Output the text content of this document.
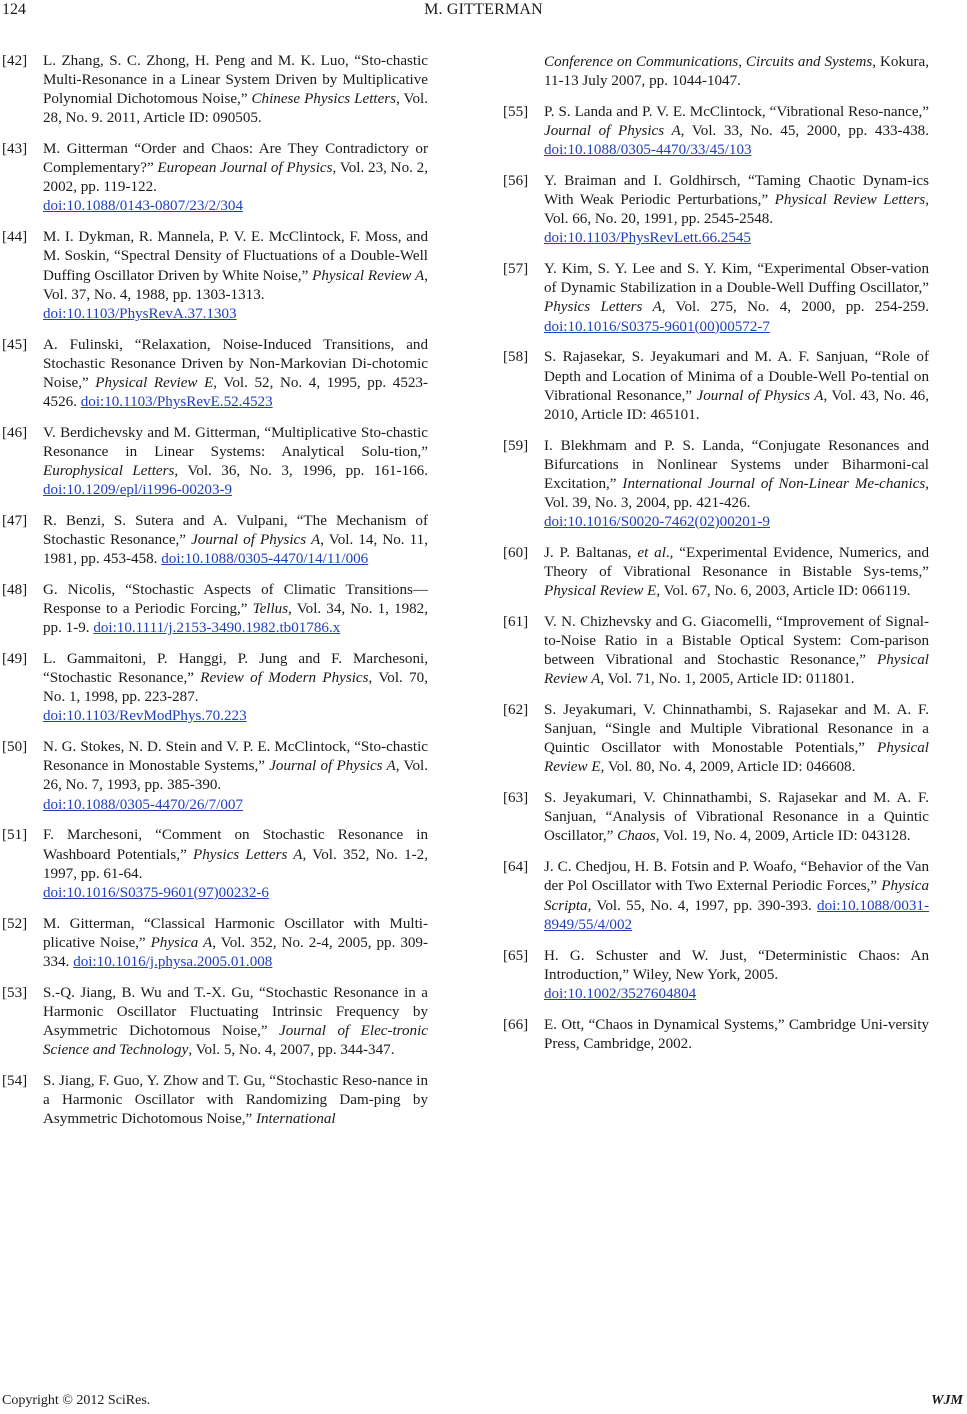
124	M. GITTERMAN
[42] L. Zhang, S. C. Zhong, H. Peng and M. K. Luo, “Sto-chastic Multi-Resonance in a Linear System Driven by Multiplicative Polynomial Dichotomous Noise,” Chinese Physics Letters, Vol. 28, No. 9. 2011, Article ID: 090505.
[43] M. Gitterman “Order and Chaos: Are They Contradictory or Complementary?” European Journal of Physics, Vol. 23, No. 2, 2002, pp. 119-122.
doi:10.1088/0143-0807/23/2/304
[44] M. I. Dykman, R. Mannela, P. V. E. McClintock, F. Moss, and M. Soskin, “Spectral Density of Fluctuations of a Double-Well Duffing Oscillator Driven by White Noise,” Physical Review A, Vol. 37, No. 4, 1988, pp. 1303-1313.
doi:10.1103/PhysRevA.37.1303
[45] A. Fulinski, “Relaxation, Noise-Induced Transitions, and Stochastic Resonance Driven by Non-Markovian Di-chotomic Noise,” Physical Review E, Vol. 52, No. 4, 1995, pp. 4523-4526. doi:10.1103/PhysRevE.52.4523
[46] V. Berdichevsky and M. Gitterman, “Multiplicative Sto-chastic Resonance in Linear Systems: Analytical Solu-tion,” Europhysical Letters, Vol. 36, No. 3, 1996, pp. 161-166. doi:10.1209/epl/i1996-00203-9
[47] R. Benzi, S. Sutera and A. Vulpani, “The Mechanism of Stochastic Resonance,” Journal of Physics A, Vol. 14, No. 11, 1981, pp. 453-458. doi:10.1088/0305-4470/14/11/006
[48] G. Nicolis, “Stochastic Aspects of Climatic Transitions—Response to a Periodic Forcing,” Tellus, Vol. 34, No. 1, 1982, pp. 1-9. doi:10.1111/j.2153-3490.1982.tb01786.x
[49] L. Gammaitoni, P. Hanggi, P. Jung and F. Marchesoni, “Stochastic Resonance,” Review of Modern Physics, Vol. 70, No. 1, 1998, pp. 223-287.
doi:10.1103/RevModPhys.70.223
[50] N. G. Stokes, N. D. Stein and V. P. E. McClintock, “Sto-chastic Resonance in Monostable Systems,” Journal of Physics A, Vol. 26, No. 7, 1993, pp. 385-390.
doi:10.1088/0305-4470/26/7/007
[51] F. Marchesoni, “Comment on Stochastic Resonance in Washboard Potentials,” Physics Letters A, Vol. 352, No. 1-2, 1997, pp. 61-64.
doi:10.1016/S0375-9601(97)00232-6
[52] M. Gitterman, “Classical Harmonic Oscillator with Multi-plicative Noise,” Physica A, Vol. 352, No. 2-4, 2005, pp. 309-334. doi:10.1016/j.physa.2005.01.008
[53] S.-Q. Jiang, B. Wu and T.-X. Gu, “Stochastic Resonance in a Harmonic Oscillator Fluctuating Intrinsic Frequency by Asymmetric Dichotomous Noise,” Journal of Elec-tronic Science and Technology, Vol. 5, No. 4, 2007, pp. 344-347.
[54] S. Jiang, F. Guo, Y. Zhow and T. Gu, “Stochastic Reso-nance in a Harmonic Oscillator with Randomizing Dam-ping by Asymmetric Dichotomous Noise,” International
Conference on Communications, Circuits and Systems, Kokura, 11-13 July 2007, pp. 1044-1047.
[55] P. S. Landa and P. V. E. McClintock, “Vibrational Reso-nance,” Journal of Physics A, Vol. 33, No. 45, 2000, pp. 433-438. doi:10.1088/0305-4470/33/45/103
[56] Y. Braiman and I. Goldhirsch, “Taming Chaotic Dynam-ics With Weak Periodic Perturbations,” Physical Review Letters, Vol. 66, No. 20, 1991, pp. 2545-2548.
doi:10.1103/PhysRevLett.66.2545
[57] Y. Kim, S. Y. Lee and S. Y. Kim, “Experimental Obser-vation of Dynamic Stabilization in a Double-Well Duffing Oscillator,” Physics Letters A, Vol. 275, No. 4, 2000, pp. 254-259. doi:10.1016/S0375-9601(00)00572-7
[58] S. Rajasekar, S. Jeyakumari and M. A. F. Sanjuan, “Role of Depth and Location of Minima of a Double-Well Po-tential on Vibrational Resonance,” Journal of Physics A, Vol. 43, No. 46, 2010, Article ID: 465101.
[59] I. Blekhmam and P. S. Landa, “Conjugate Resonances and Bifurcations in Nonlinear Systems under Biharmoni-cal Excitation,” International Journal of Non-Linear Me-chanics, Vol. 39, No. 3, 2004, pp. 421-426.
doi:10.1016/S0020-7462(02)00201-9
[60] J. P. Baltanas, et al., “Experimental Evidence, Numerics, and Theory of Vibrational Resonance in Bistable Sys-tems,” Physical Review E, Vol. 67, No. 6, 2003, Article ID: 066119.
[61] V. N. Chizhevsky and G. Giacomelli, “Improvement of Signal-to-Noise Ratio in a Bistable Optical System: Com-parison between Vibrational and Stochastic Resonance,” Physical Review A, Vol. 71, No. 1, 2005, Article ID: 011801.
[62] S. Jeyakumari, V. Chinnathambi, S. Rajasekar and M. A. F. Sanjuan, “Single and Multiple Vibrational Resonance in a Quintic Oscillator with Monostable Potentials,” Physical Review E, Vol. 80, No. 4, 2009, Article ID: 046608.
[63] S. Jeyakumari, V. Chinnathambi, S. Rajasekar and M. A. F. Sanjuan, “Analysis of Vibrational Resonance in a Quintic Oscillator,” Chaos, Vol. 19, No. 4, 2009, Article ID: 043128.
[64] J. C. Chedjou, H. B. Fotsin and P. Woafo, “Behavior of the Van der Pol Oscillator with Two External Periodic Forces,” Physica Scripta, Vol. 55, No. 4, 1997, pp. 390-393. doi:10.1088/0031-8949/55/4/002
[65] H. G. Schuster and W. Just, “Deterministic Chaos: An Introduction,” Wiley, New York, 2005.
doi:10.1002/3527604804
[66] E. Ott, “Chaos in Dynamical Systems,” Cambridge Uni-versity Press, Cambridge, 2002.
Copyright © 2012 SciRes.	WJM
